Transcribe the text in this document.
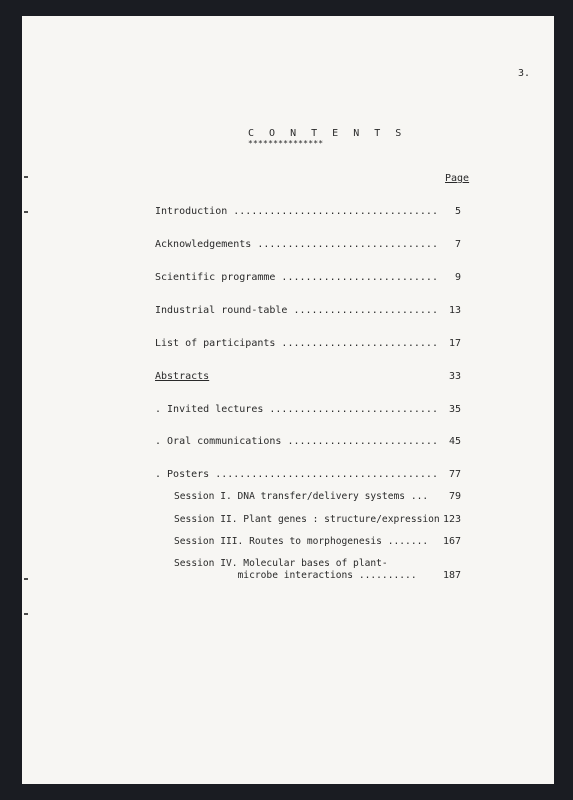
3.
C O N T E N T S
***************
Page
Introduction ..................................	5
Acknowledgements ..............................	7
Scientific programme ..........................	9
Industrial round-table ........................	13
List of participants ..........................	17
Abstracts	33
. Invited lectures ............................	35
. Oral communications .........................	45
. Posters .....................................	77
Session I. DNA transfer/delivery systems ...	79
Session II. Plant genes : structure/expression 123
Session III. Routes to morphogenesis .......	167
Session IV. Molecular bases of plant-
microbe interactions ..........	187
